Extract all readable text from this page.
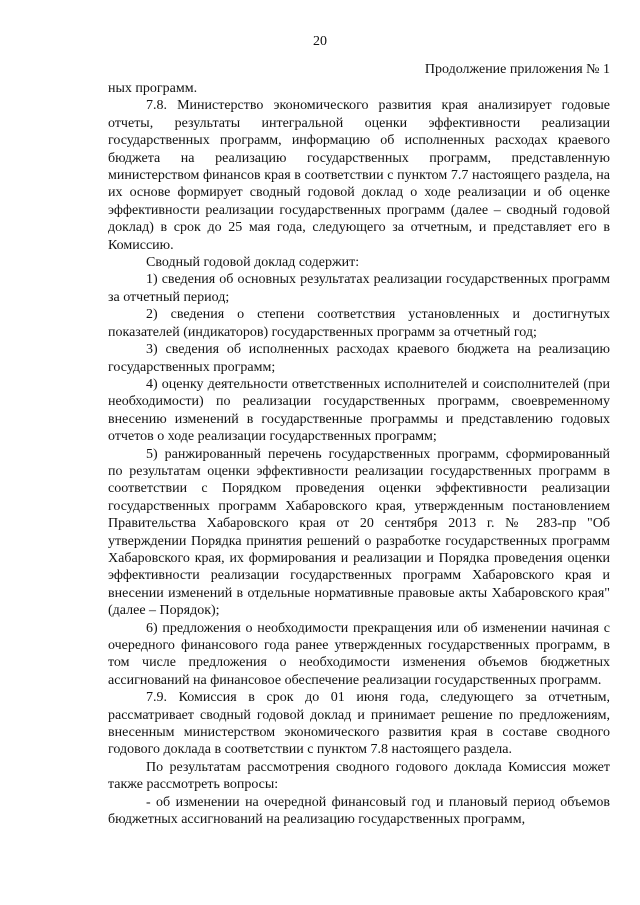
20
Продолжение приложения № 1

ных программ.

7.8. Министерство экономического развития края анализирует годовые отчеты, результаты интегральной оценки эффективности реализации государственных программ, информацию об исполненных расходах краевого бюджета на реализацию государственных программ, представленную министерством финансов края в соответствии с пунктом 7.7 настоящего раздела, на их основе формирует сводный годовой доклад о ходе реализации и об оценке эффективности реализации государственных программ (далее – сводный годовой доклад) в срок до 25 мая года, следующего за отчетным, и представляет его в Комиссию.

Сводный годовой доклад содержит:

1) сведения об основных результатах реализации государственных программ за отчетный период;

2) сведения о степени соответствия установленных и достигнутых показателей (индикаторов) государственных программ за отчетный год;

3) сведения об исполненных расходах краевого бюджета на реализацию государственных программ;

4) оценку деятельности ответственных исполнителей и соисполнителей (при необходимости) по реализации государственных программ, своевременному внесению изменений в государственные программы и представлению годовых отчетов о ходе реализации государственных программ;

5) ранжированный перечень государственных программ, сформированный по результатам оценки эффективности реализации государственных программ в соответствии с Порядком проведения оценки эффективности реализации государственных программ Хабаровского края, утвержденным постановлением Правительства Хабаровского края от 20 сентября 2013 г. № 283-пр "Об утверждении Порядка принятия решений о разработке государственных программ Хабаровского края, их формирования и реализации и Порядка проведения оценки эффективности реализации государственных программ Хабаровского края и внесении изменений в отдельные нормативные правовые акты Хабаровского края" (далее – Порядок);

6) предложения о необходимости прекращения или об изменении начиная с очередного финансового года ранее утвержденных государственных программ, в том числе предложения о необходимости изменения объемов бюджетных ассигнований на финансовое обеспечение реализации государственных программ.

7.9. Комиссия в срок до 01 июня года, следующего за отчетным, рассматривает сводный годовой доклад и принимает решение по предложениям, внесенным министерством экономического развития края в составе сводного годового доклада в соответствии с пунктом 7.8 настоящего раздела.

По результатам рассмотрения сводного годового доклада Комиссия может также рассмотреть вопросы:

- об изменении на очередной финансовый год и плановый период объемов бюджетных ассигнований на реализацию государственных программ,
